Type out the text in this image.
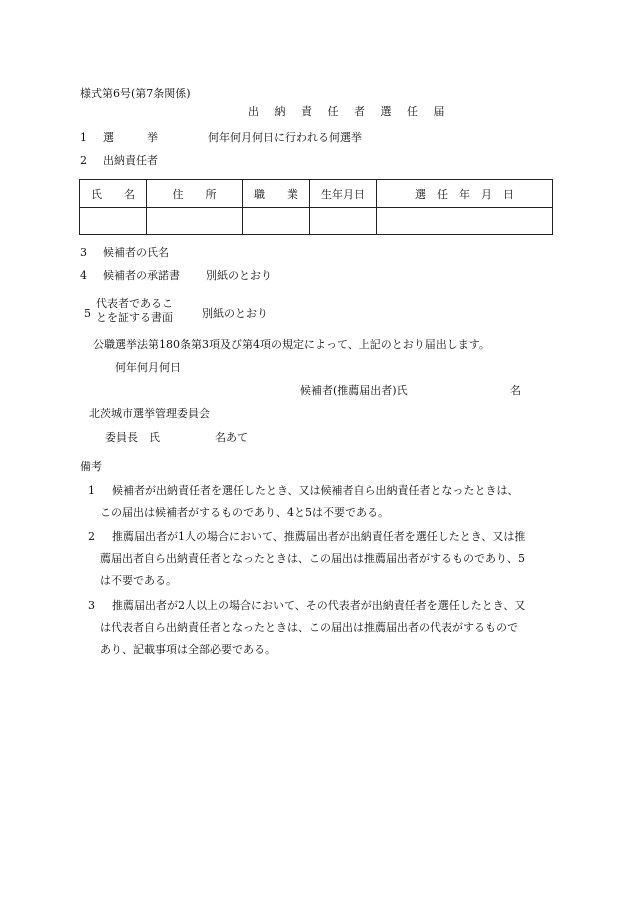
様式第6号(第7条関係)
出 納 責 任 者 選 任 届
1 選　　　挙	何年何月何日に行われる何選挙
2 出納責任者
氏　　名	住　　所	職　　業	生年月日	選　任　年　月　日

3 候補者の氏名
4 候補者の承諾書 別紙のとおり
5
代表者であるこ
とを証する書面	別紙のとおり
公職選挙法第180条第3項及び第4項の規定によって、上記のとおり届出します。
何年何月何日
候補者(推薦届出者)氏	名
北茨城市選挙管理委員会
委員長　氏　　　　　名あて
備考
1 候補者が出納責任者を選任したとき、又は候補者自ら出納責任者となったときは、
この届出は候補者がするものであり、4と5は不要である。
2 推薦届出者が1人の場合において、推薦届出者が出納責任者を選任したとき、又は推
薦届出者自ら出納責任者となったときは、この届出は推薦届出者がするものであり、5
は不要である。
3 推薦届出者が2人以上の場合において、その代表者が出納責任者を選任したとき、又
は代表者自ら出納責任者となったときは、この届出は推薦届出者の代表がするもので
あり、記載事項は全部必要である。
